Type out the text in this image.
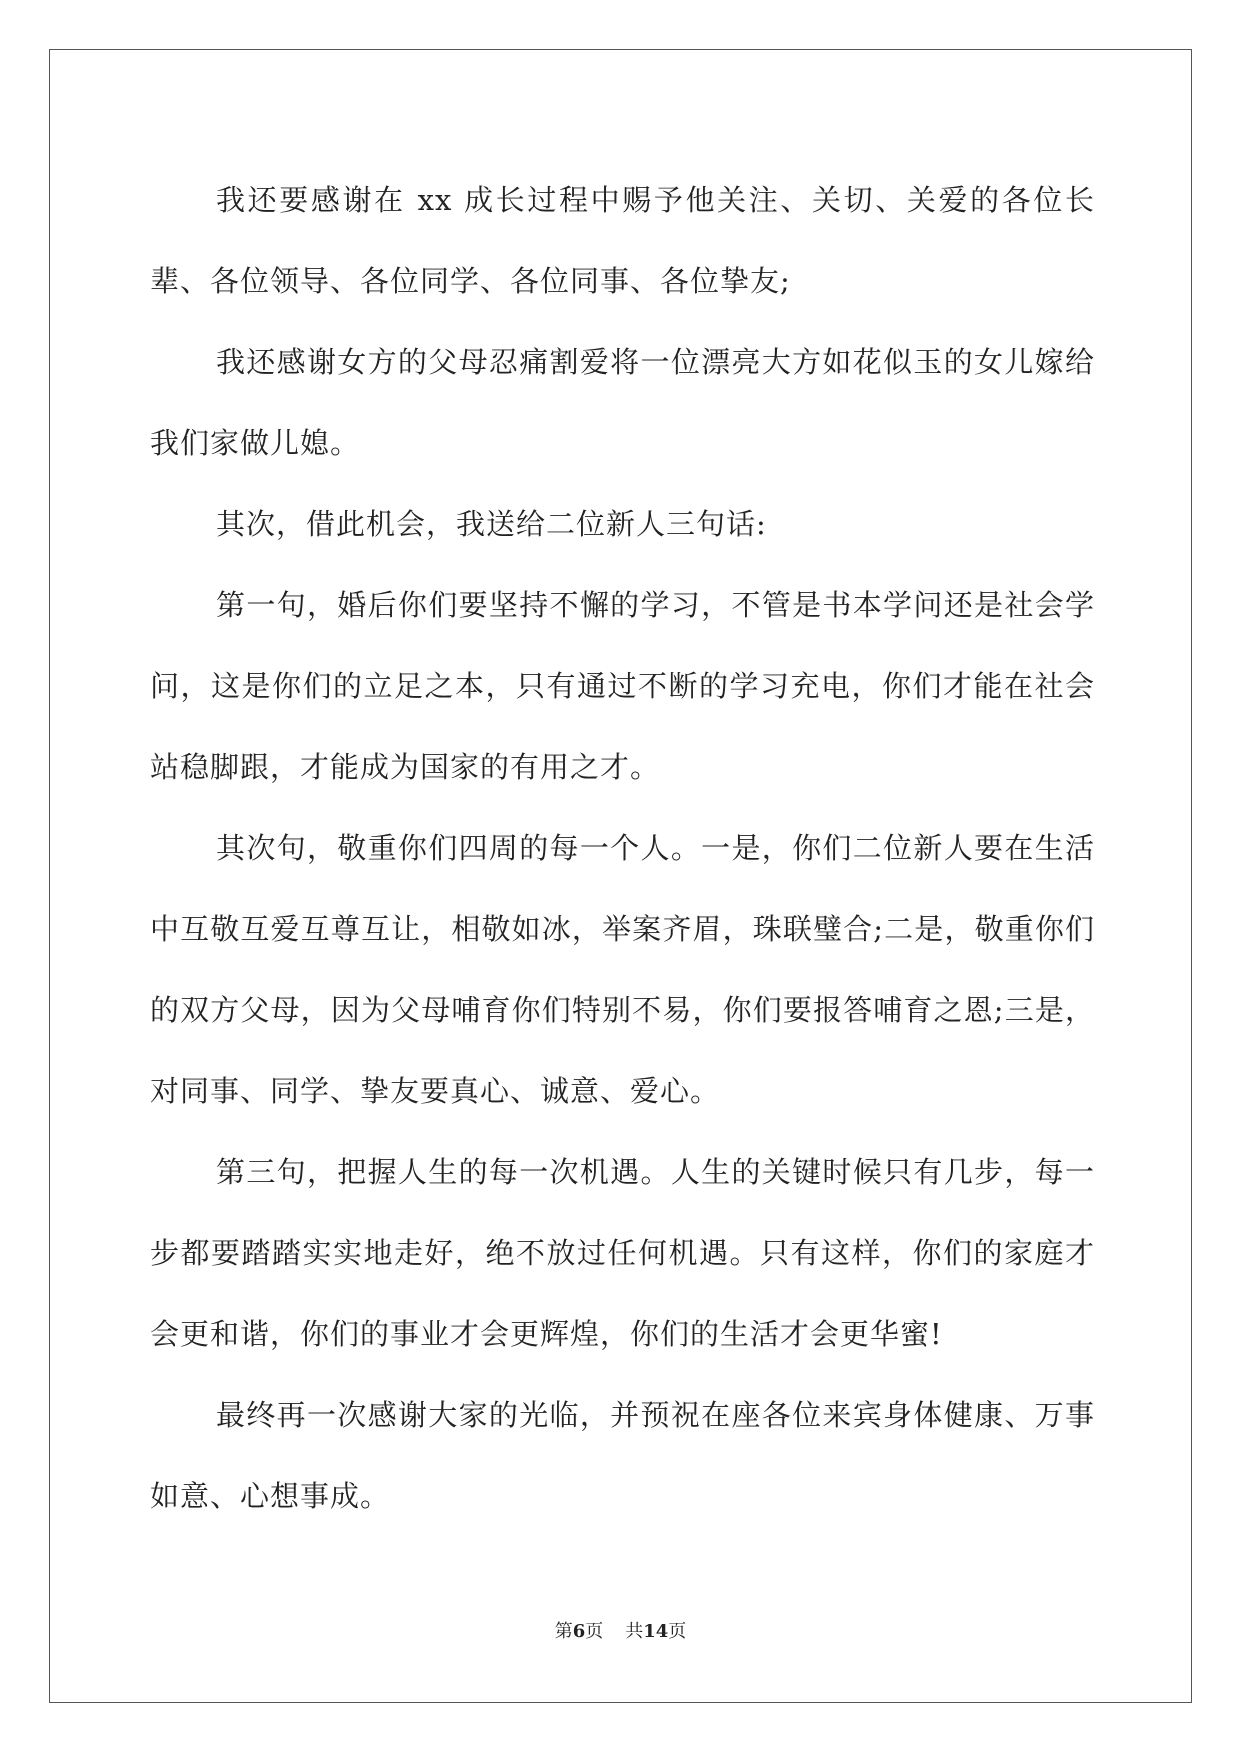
我还要感谢在 xx 成长过程中赐予他关注、关切、关爱的各位长辈、各位领导、各位同学、各位同事、各位挚友;

我还感谢女方的父母忍痛割爱将一位漂亮大方如花似玉的女儿嫁给我们家做儿媳。

其次，借此机会，我送给二位新人三句话:

第一句，婚后你们要坚持不懈的学习，不管是书本学问还是社会学问，这是你们的立足之本，只有通过不断的学习充电，你们才能在社会站稳脚跟，才能成为国家的有用之才。

其次句，敬重你们四周的每一个人。一是，你们二位新人要在生活中互敬互爱互尊互让，相敬如冰，举案齐眉，珠联璧合;二是，敬重你们的双方父母，因为父母哺育你们特别不易，你们要报答哺育之恩;三是，对同事、同学、挚友要真心、诚意、爱心。

第三句，把握人生的每一次机遇。人生的关键时候只有几步，每一步都要踏踏实实地走好，绝不放过任何机遇。只有这样，你们的家庭才会更和谐，你们的事业才会更辉煌，你们的生活才会更华蜜!

最终再一次感谢大家的光临，并预祝在座各位来宾身体健康、万事如意、心想事成。

第6页 共14页
